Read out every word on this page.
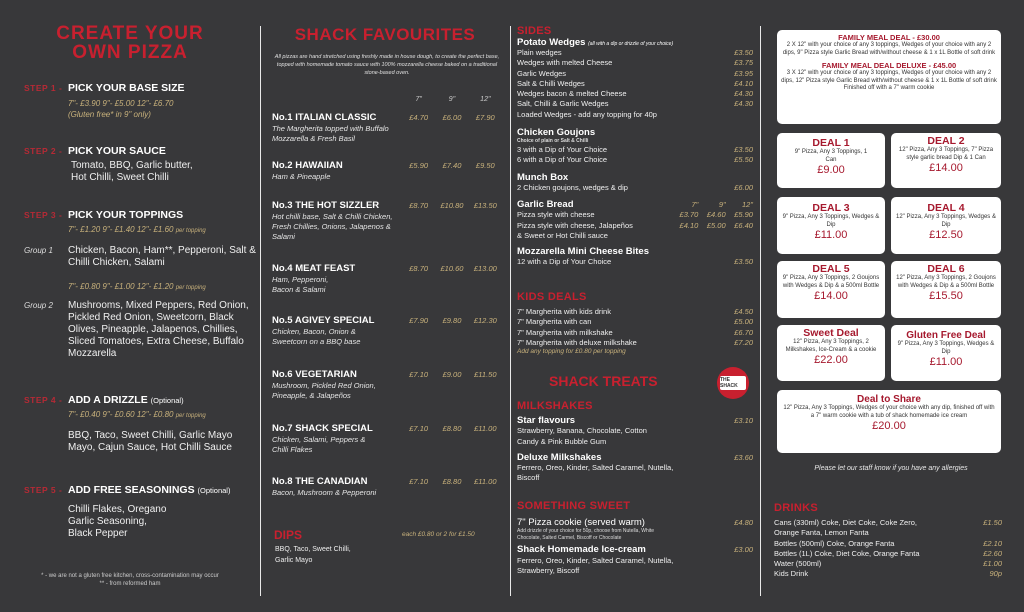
CREATE YOUR
OWN PIZZA
STEP 1 - PICK YOUR BASE SIZE
7"- £3.90 9"- £5.00 12"- £6.70
(Gluten free* in 9" only)
STEP 2 - PICK YOUR SAUCE
Tomato, BBQ, Garlic butter,
Hot Chilli, Sweet Chilli
STEP 3 - PICK YOUR TOPPINGS
7"- £1.20 9"- £1.40 12"- £1.60 per topping
Group 1	Chicken, Bacon, Ham**, Pepperoni, Salt & Chilli Chicken, Salami
7"- £0.80 9"- £1.00 12"- £1.20 per topping
Group 2	Mushrooms, Mixed Peppers, Red Onion, Pickled Red Onion, Sweetcorn, Black Olives, Pineapple, Jalapenos, Chillies, Sliced Tomatoes, Extra Cheese, Buffalo Mozzarella
STEP 4 - ADD A DRIZZLE (Optional)
7"- £0.40 9"- £0.60 12"- £0.80 per topping
BBQ, Taco, Sweet Chilli, Garlic Mayo
Mayo, Cajun Sauce, Hot Chilli Sauce
STEP 5 - ADD FREE SEASONINGS (Optional)
Chilli Flakes, Oregano
Garlic Seasoning,
Black Pepper
* - we are not a gluten free kitchen, cross-contamination may occur
** - from reformed ham
SHACK FAVOURITES
All pizzas are hand stretched using freshly made in house dough, to create the perfect base, topped with homemade tomato sauce with 100% mozzarella cheese baked on a traditional stone-based oven.
7"	9"	12"
No.1 ITALIAN CLASSIC	£4.70	£6.00	£7.90
The Margherita topped with Buffalo Mozzarella & Fresh Basil
No.2 HAWAIIAN	£5.90	£7.40	£9.50
Ham & Pineapple
No.3 THE HOT SIZZLER	£8.70	£10.80	£13.50
Hot chilli base, Salt & Chilli Chicken, Fresh Chillies, Onions, Jalapenos & Salami
No.4 MEAT FEAST	£8.70	£10.60	£13.00
Ham, Pepperoni, Bacon & Salami
No.5 AGIVEY SPECIAL	£7.90	£9.80	£12.30
Chicken, Bacon, Onion & Sweetcorn on a BBQ base
No.6 VEGETARIAN	£7.10	£9.00	£11.50
Mushroom, Pickled Red Onion, Pineapple, & Jalapeños
No.7 SHACK SPECIAL	£7.10	£8.80	£11.00
Chicken, Salami, Peppers & Chilli Flakes
No.8 THE CANADIAN	£7.10	£8.80	£11.00
Bacon, Mushroom & Pepperoni
DIPS	each £0.80 or 2 for £1.50
BBQ, Taco, Sweet Chilli,
Garlic Mayo
SIDES
Potato Wedges (all with a dip or drizzle of your choice)
Plain wedges	£3.50
Wedges with melted Cheese	£3.75
Garlic Wedges	£3.95
Salt & Chilli Wedges	£4.10
Wedges bacon & melted Cheese	£4.30
Salt, Chilli & Garlic Wedges	£4.30
Loaded Wedges - add any topping for 40p
Chicken Goujons
Choice of plain or Salt & Chilli
3 with a Dip of Your Choice	£3.50
6 with a Dip of Your Choice	£5.50
Munch Box
2 Chicken goujons, wedges & dip	£6.00
Garlic Bread	7"	9"	12"
Pizza style with cheese	£3.70	£4.60	£5.90
Pizza style with cheese, Jalapeños	£4.10	£5.00	£6.40
& Sweet or Hot Chilli sauce
Mozzarella Mini Cheese Bites
12 with a Dip of Your Choice	£3.50
KIDS DEALS
7" Margherita with kids drink	£4.50
7" Margherita with can	£5.00
7" Margherita with milkshake	£6.70
7" Margherita with deluxe milkshake	£7.20
Add any topping for £0.80 per topping
SHACK TREATS	THE SHACK
MILKSHAKES
Star flavours	£3.10
Strawberry, Banana, Chocolate, Cotton Candy & Pink Bubble Gum
Deluxe Milkshakes	£3.60
Ferrero, Oreo, Kinder, Salted Caramel, Nutella, Biscoff
SOMETHING SWEET
7" Pizza cookie (served warm)	£4.80
Add drizzle of your choice for 50p, choose from Nutella, White Chocolate, Salted Carmel, Biscoff or Chocolate
Shack Homemade Ice-cream	£3.00
Ferrero, Oreo, Kinder, Salted Caramel, Nutella, Strawberry, Biscoff
FAMILY MEAL DEAL - £30.00
2 X 12" with your choice of any 3 toppings, Wedges of your choice with any 2 dips, 9" Pizza style Garlic Bread with/without cheese & 1 x 1L Bottle of soft drink
FAMILY MEAL DEAL DELUXE - £45.00
3 X 12" with your choice of any 3 toppings, Wedges of your choice with any 2 dips, 12" Pizza style Garlic Bread with/without cheese & 1 x 1L Bottle of soft drink Finished off with a 7" warm cookie
DEAL 1
9" Pizza, Any 3 Toppings, 1 Can
£9.00
DEAL 2
12" Pizza, Any 3 Toppings, 7" Pizza style garlic bread Dip & 1 Can
£14.00
DEAL 3
9" Pizza, Any 3 Toppings, Wedges & Dip
£11.00
DEAL 4
12" Pizza, Any 3 Toppings, Wedges & Dip
£12.50
DEAL 5
9" Pizza, Any 3 Toppings, 2 Goujons with Wedges & Dip & a 500ml Bottle
£14.00
DEAL 6
12" Pizza, Any 3 Toppings, 2 Goujons with Wedges & Dip & a 500ml Bottle
£15.50
Sweet Deal
12" Pizza, Any 3 Toppings, 2 Milkshakes, Ice-Cream & a cookie
£22.00
Gluten Free Deal
9" Pizza, Any 3 Toppings, Wedges & Dip
£11.00
Deal to Share
12" Pizza, Any 3 Toppings, Wedges of your choice with any dip, finished off with a 7" warm cookie with a tub of shack homemade ice cream
£20.00
Please let our staff know if you have any allergies
DRINKS
Cans (330ml) Coke, Diet Coke, Coke Zero,	£1.50
Orange Fanta, Lemon Fanta
Bottles (500ml) Coke, Orange Fanta	£2.10
Bottles (1L) Coke, Diet Coke, Orange Fanta	£2.60
Water (500ml)	£1.00
Kids Drink	90p
